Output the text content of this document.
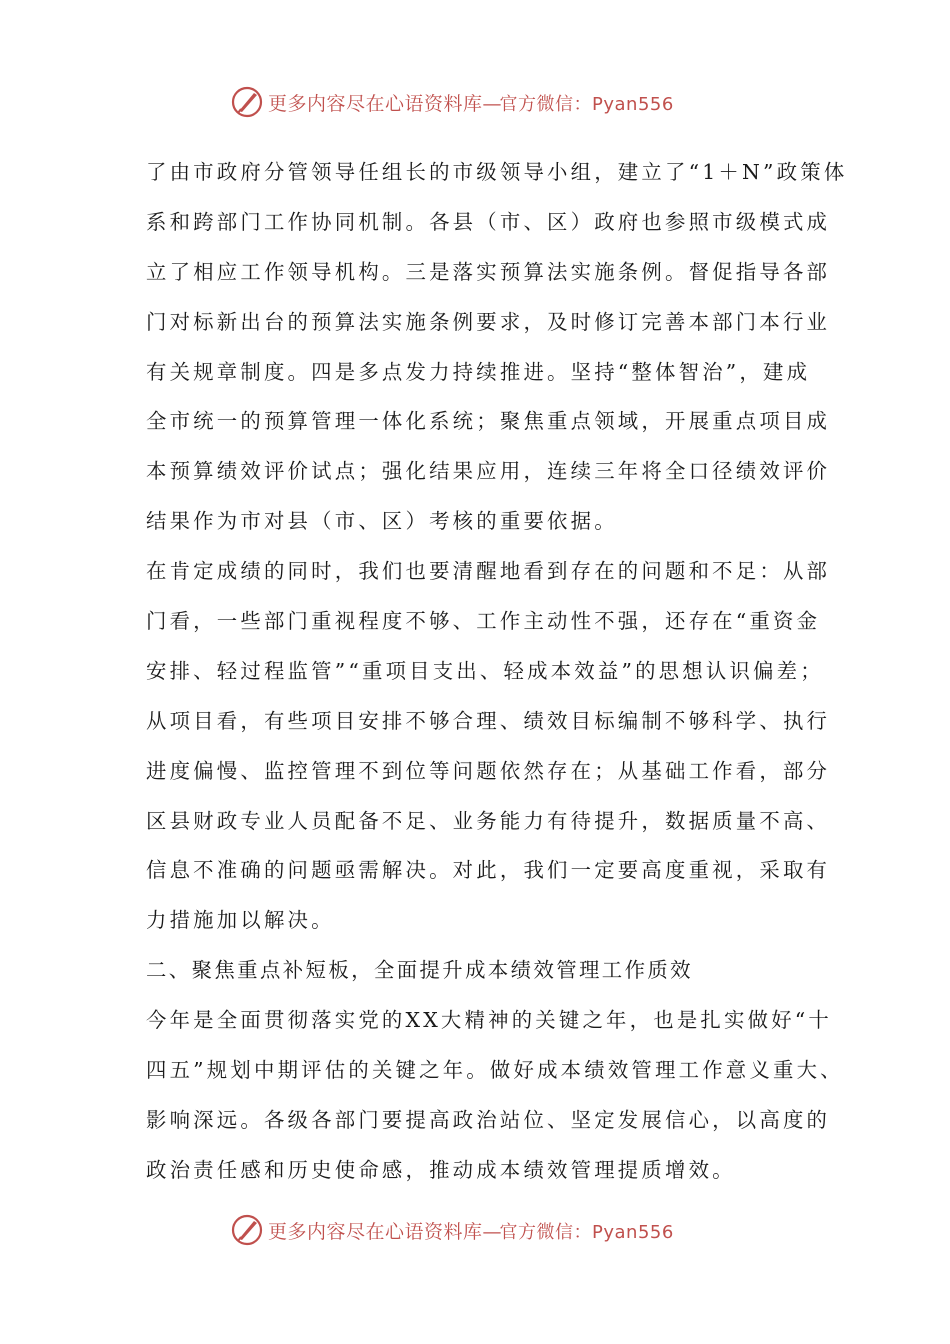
更多内容尽在心语资料库—官方微信：Pyan556
了由市政府分管领导任组长的市级领导小组，建立了“1＋N”政策体
系和跨部门工作协同机制。各县（市、区）政府也参照市级模式成
立了相应工作领导机构。三是落实预算法实施条例。督促指导各部
门对标新出台的预算法实施条例要求，及时修订完善本部门本行业
有关规章制度。四是多点发力持续推进。坚持“整体智治”，建成
全市统一的预算管理一体化系统；聚焦重点领域，开展重点项目成
本预算绩效评价试点；强化结果应用，连续三年将全口径绩效评价
结果作为市对县（市、区）考核的重要依据。
在肯定成绩的同时，我们也要清醒地看到存在的问题和不足：从部
门看，一些部门重视程度不够、工作主动性不强，还存在“重资金
安排、轻过程监管”“重项目支出、轻成本效益”的思想认识偏差；
从项目看，有些项目安排不够合理、绩效目标编制不够科学、执行
进度偏慢、监控管理不到位等问题依然存在；从基础工作看，部分
区县财政专业人员配备不足、业务能力有待提升，数据质量不高、
信息不准确的问题亟需解决。对此，我们一定要高度重视，采取有
力措施加以解决。
二、聚焦重点补短板，全面提升成本绩效管理工作质效
今年是全面贯彻落实党的XX大精神的关键之年，也是扎实做好“十
四五”规划中期评估的关键之年。做好成本绩效管理工作意义重大、
影响深远。各级各部门要提高政治站位、坚定发展信心，以高度的
政治责任感和历史使命感，推动成本绩效管理提质增效。
更多内容尽在心语资料库—官方微信：Pyan556
